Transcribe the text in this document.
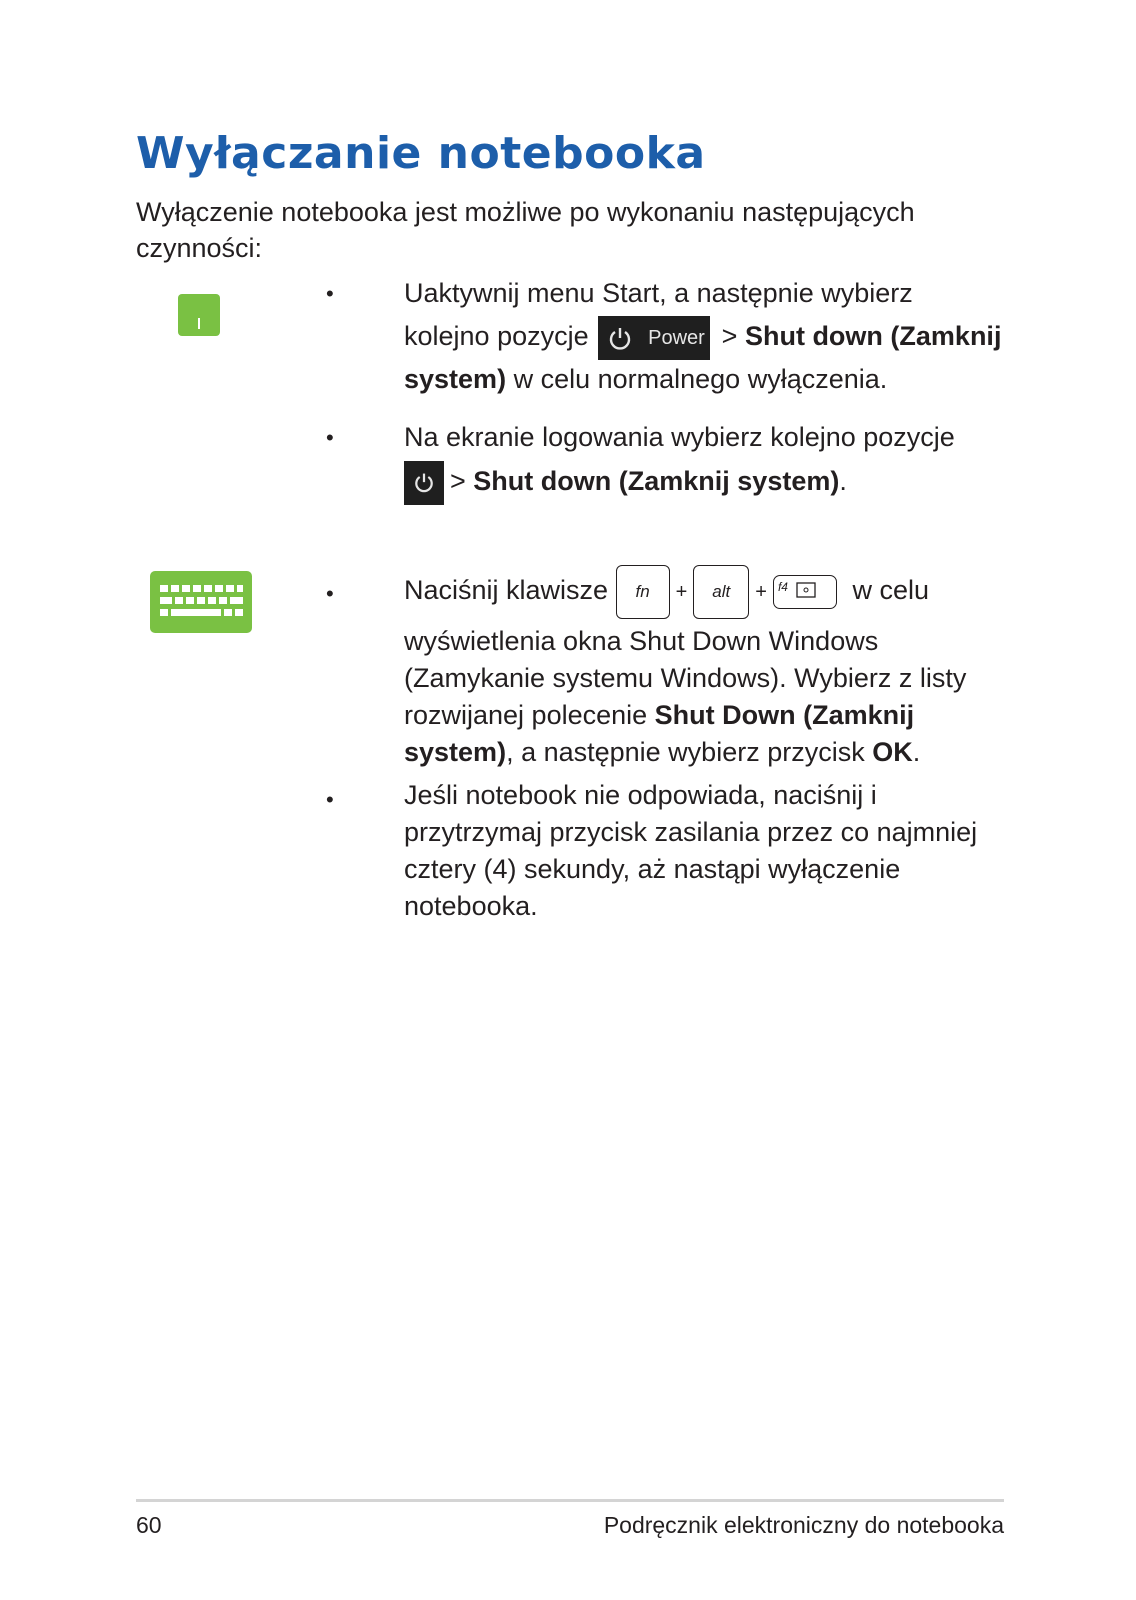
Wyłączanie notebooka

Wyłączenie notebooka jest możliwe po wykonaniu następujących czynności:

•	Uaktywnij menu Start, a następnie wybierz
kolejno pozycje	Power > Shut down (Zamknij
system) w celu normalnego wyłączenia.
•	Na ekranie logowania wybierz kolejno pozycje
> Shut down (Zamknij system).
•	Naciśnij klawisze fn + alt + f4 w celu

wyświetlenia okna Shut Down Windows (Zamykanie systemu Windows). Wybierz z listy rozwijanej polecenie Shut Down (Zamknij system), a następnie wybierz przycisk OK.

•	Jeśli notebook nie odpowiada, naciśnij i przytrzymaj przycisk zasilania przez co najmniej cztery (4) sekundy, aż nastąpi wyłączenie notebooka.

60	Podręcznik elektroniczny do notebooka
